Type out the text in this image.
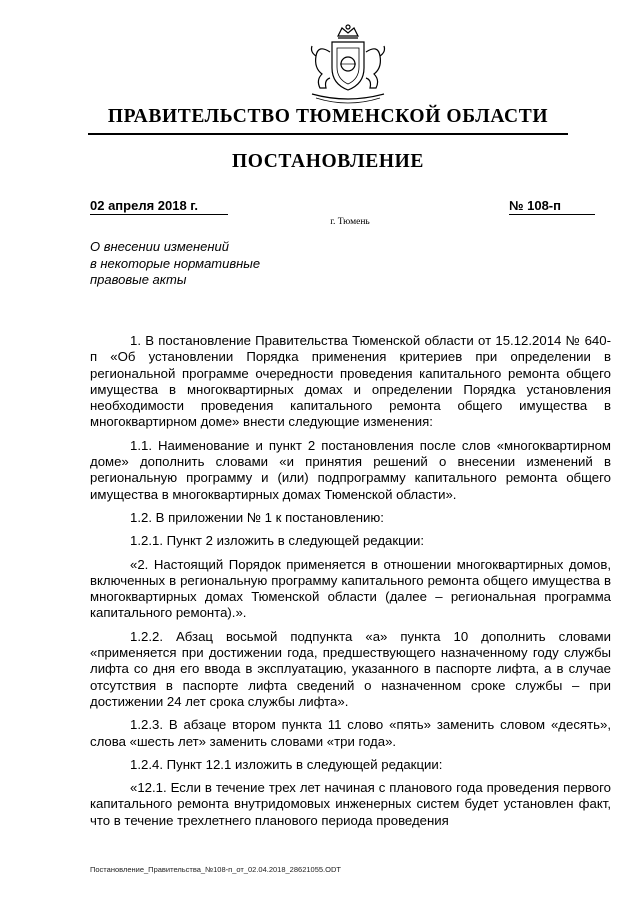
ПРАВИТЕЛЬСТВО ТЮМЕНСКОЙ ОБЛАСТИ
ПОСТАНОВЛЕНИЕ
02 апреля 2018 г.	№ 108-п
г. Тюмень
О внесении изменений
в некоторые нормативные
правовые акты

1. В постановление Правительства Тюменской области от 15.12.2014 № 640-п «Об установлении Порядка применения критериев при определении в региональной программе очередности проведения капитального ремонта общего имущества в многоквартирных домах и определении Порядка установления необходимости проведения капитального ремонта общего имущества в многоквартирном доме» внести следующие изменения:

1.1. Наименование и пункт 2 постановления после слов «многоквартирном доме» дополнить словами «и принятия решений о внесении изменений в региональную программу и (или) подпрограмму капитального ремонта общего имущества в многоквартирных домах Тюменской области».

1.2. В приложении № 1 к постановлению:

1.2.1. Пункт 2 изложить в следующей редакции:

«2. Настоящий Порядок применяется в отношении многоквартирных домов, включенных в региональную программу капитального ремонта общего имущества в многоквартирных домах Тюменской области (далее – региональная программа капитального ремонта).».

1.2.2. Абзац восьмой подпункта «а» пункта 10 дополнить словами «применяется при достижении года, предшествующего назначенному году службы лифта со дня его ввода в эксплуатацию, указанного в паспорте лифта, а в случае отсутствия в паспорте лифта сведений о назначенном сроке службы – при достижении 24 лет срока службы лифта».

1.2.3. В абзаце втором пункта 11 слово «пять» заменить словом «десять», слова «шесть лет» заменить словами «три года».

1.2.4. Пункт 12.1 изложить в следующей редакции:

«12.1. Если в течение трех лет начиная с планового года проведения первого капитального ремонта внутридомовых инженерных систем будет установлен факт, что в течение трехлетнего планового периода проведения

Постановление_Правительства_№108-п_от_02.04.2018_28621055.ODT
